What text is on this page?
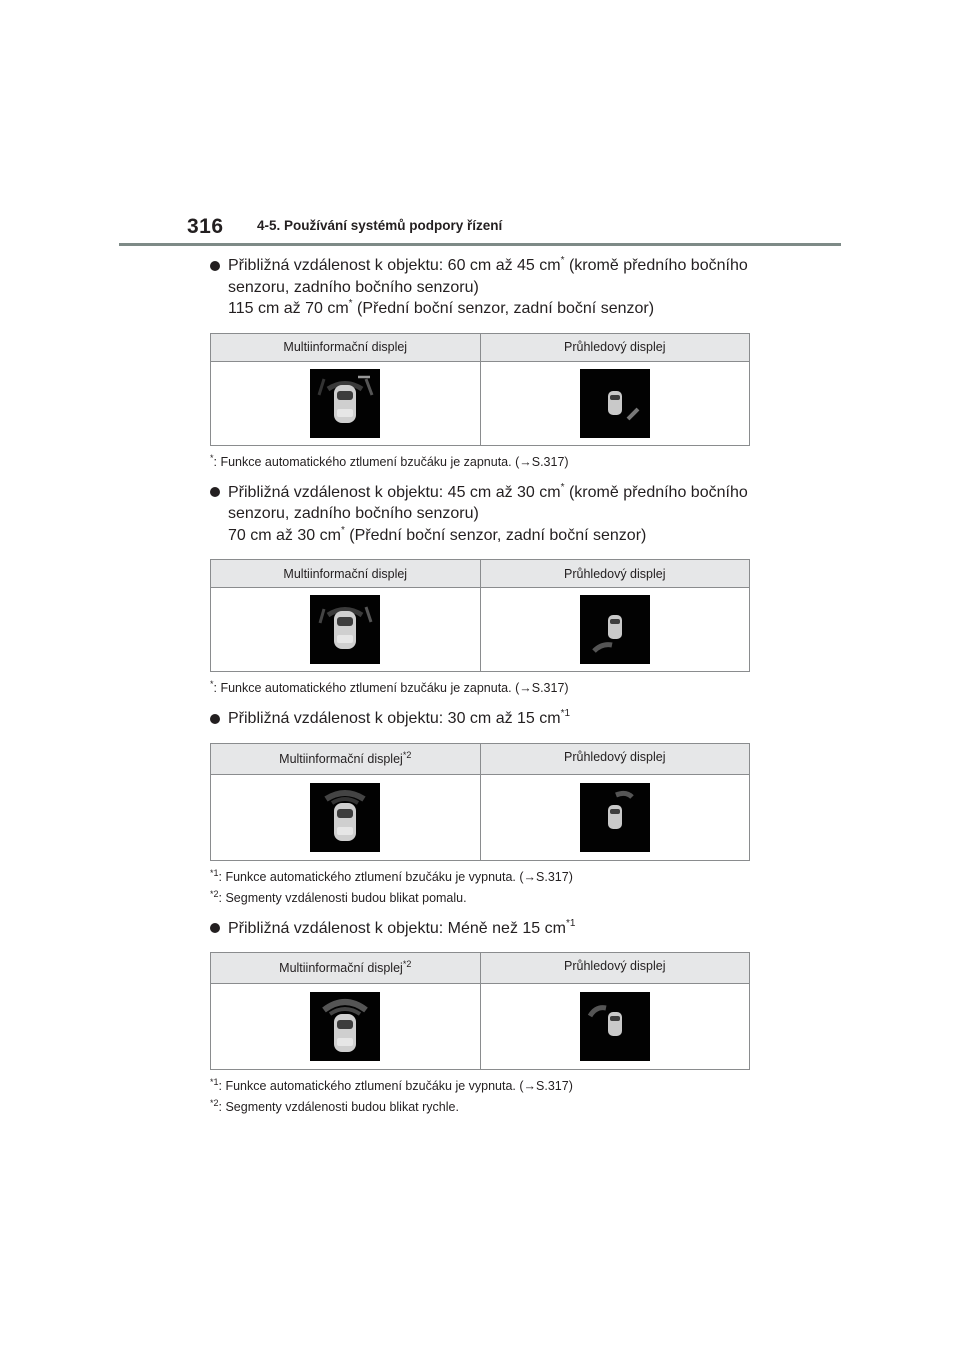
316 4-5. Používání systémů podpory řízení
Přibližná vzdálenost k objektu: 60 cm až 45 cm* (kromě předního bočního
senzoru, zadního bočního senzoru)
115 cm až 70 cm* (Přední boční senzor, zadní boční senzor)
Multiinformační displej	Průhledový displej

*: Funkce automatického ztlumení bzučáku je zapnuta. (→S.317)
Přibližná vzdálenost k objektu: 45 cm až 30 cm* (kromě předního bočního
senzoru, zadního bočního senzoru)
70 cm až 30 cm* (Přední boční senzor, zadní boční senzor)
Multiinformační displej	Průhledový displej

*: Funkce automatického ztlumení bzučáku je zapnuta. (→S.317)
Přibližná vzdálenost k objektu: 30 cm až 15 $cm^{*1}$
Multiinformační displej$^{*2}$	Průhledový displej

$^{*1}$: Funkce automatického ztlumení bzučáku je vypnuta. (→S.317)
$^{*2}$: Segmenty vzdálenosti budou blikat pomalu.
Přibližná vzdálenost k objektu: Méně než 15 $cm^{*1}$
Multiinformační displej$^{*2}$	Průhledový displej

$^{*1}$: Funkce automatického ztlumení bzučáku je vypnuta. (→S.317)
$^{*2}$: Segmenty vzdálenosti budou blikat rychle.
